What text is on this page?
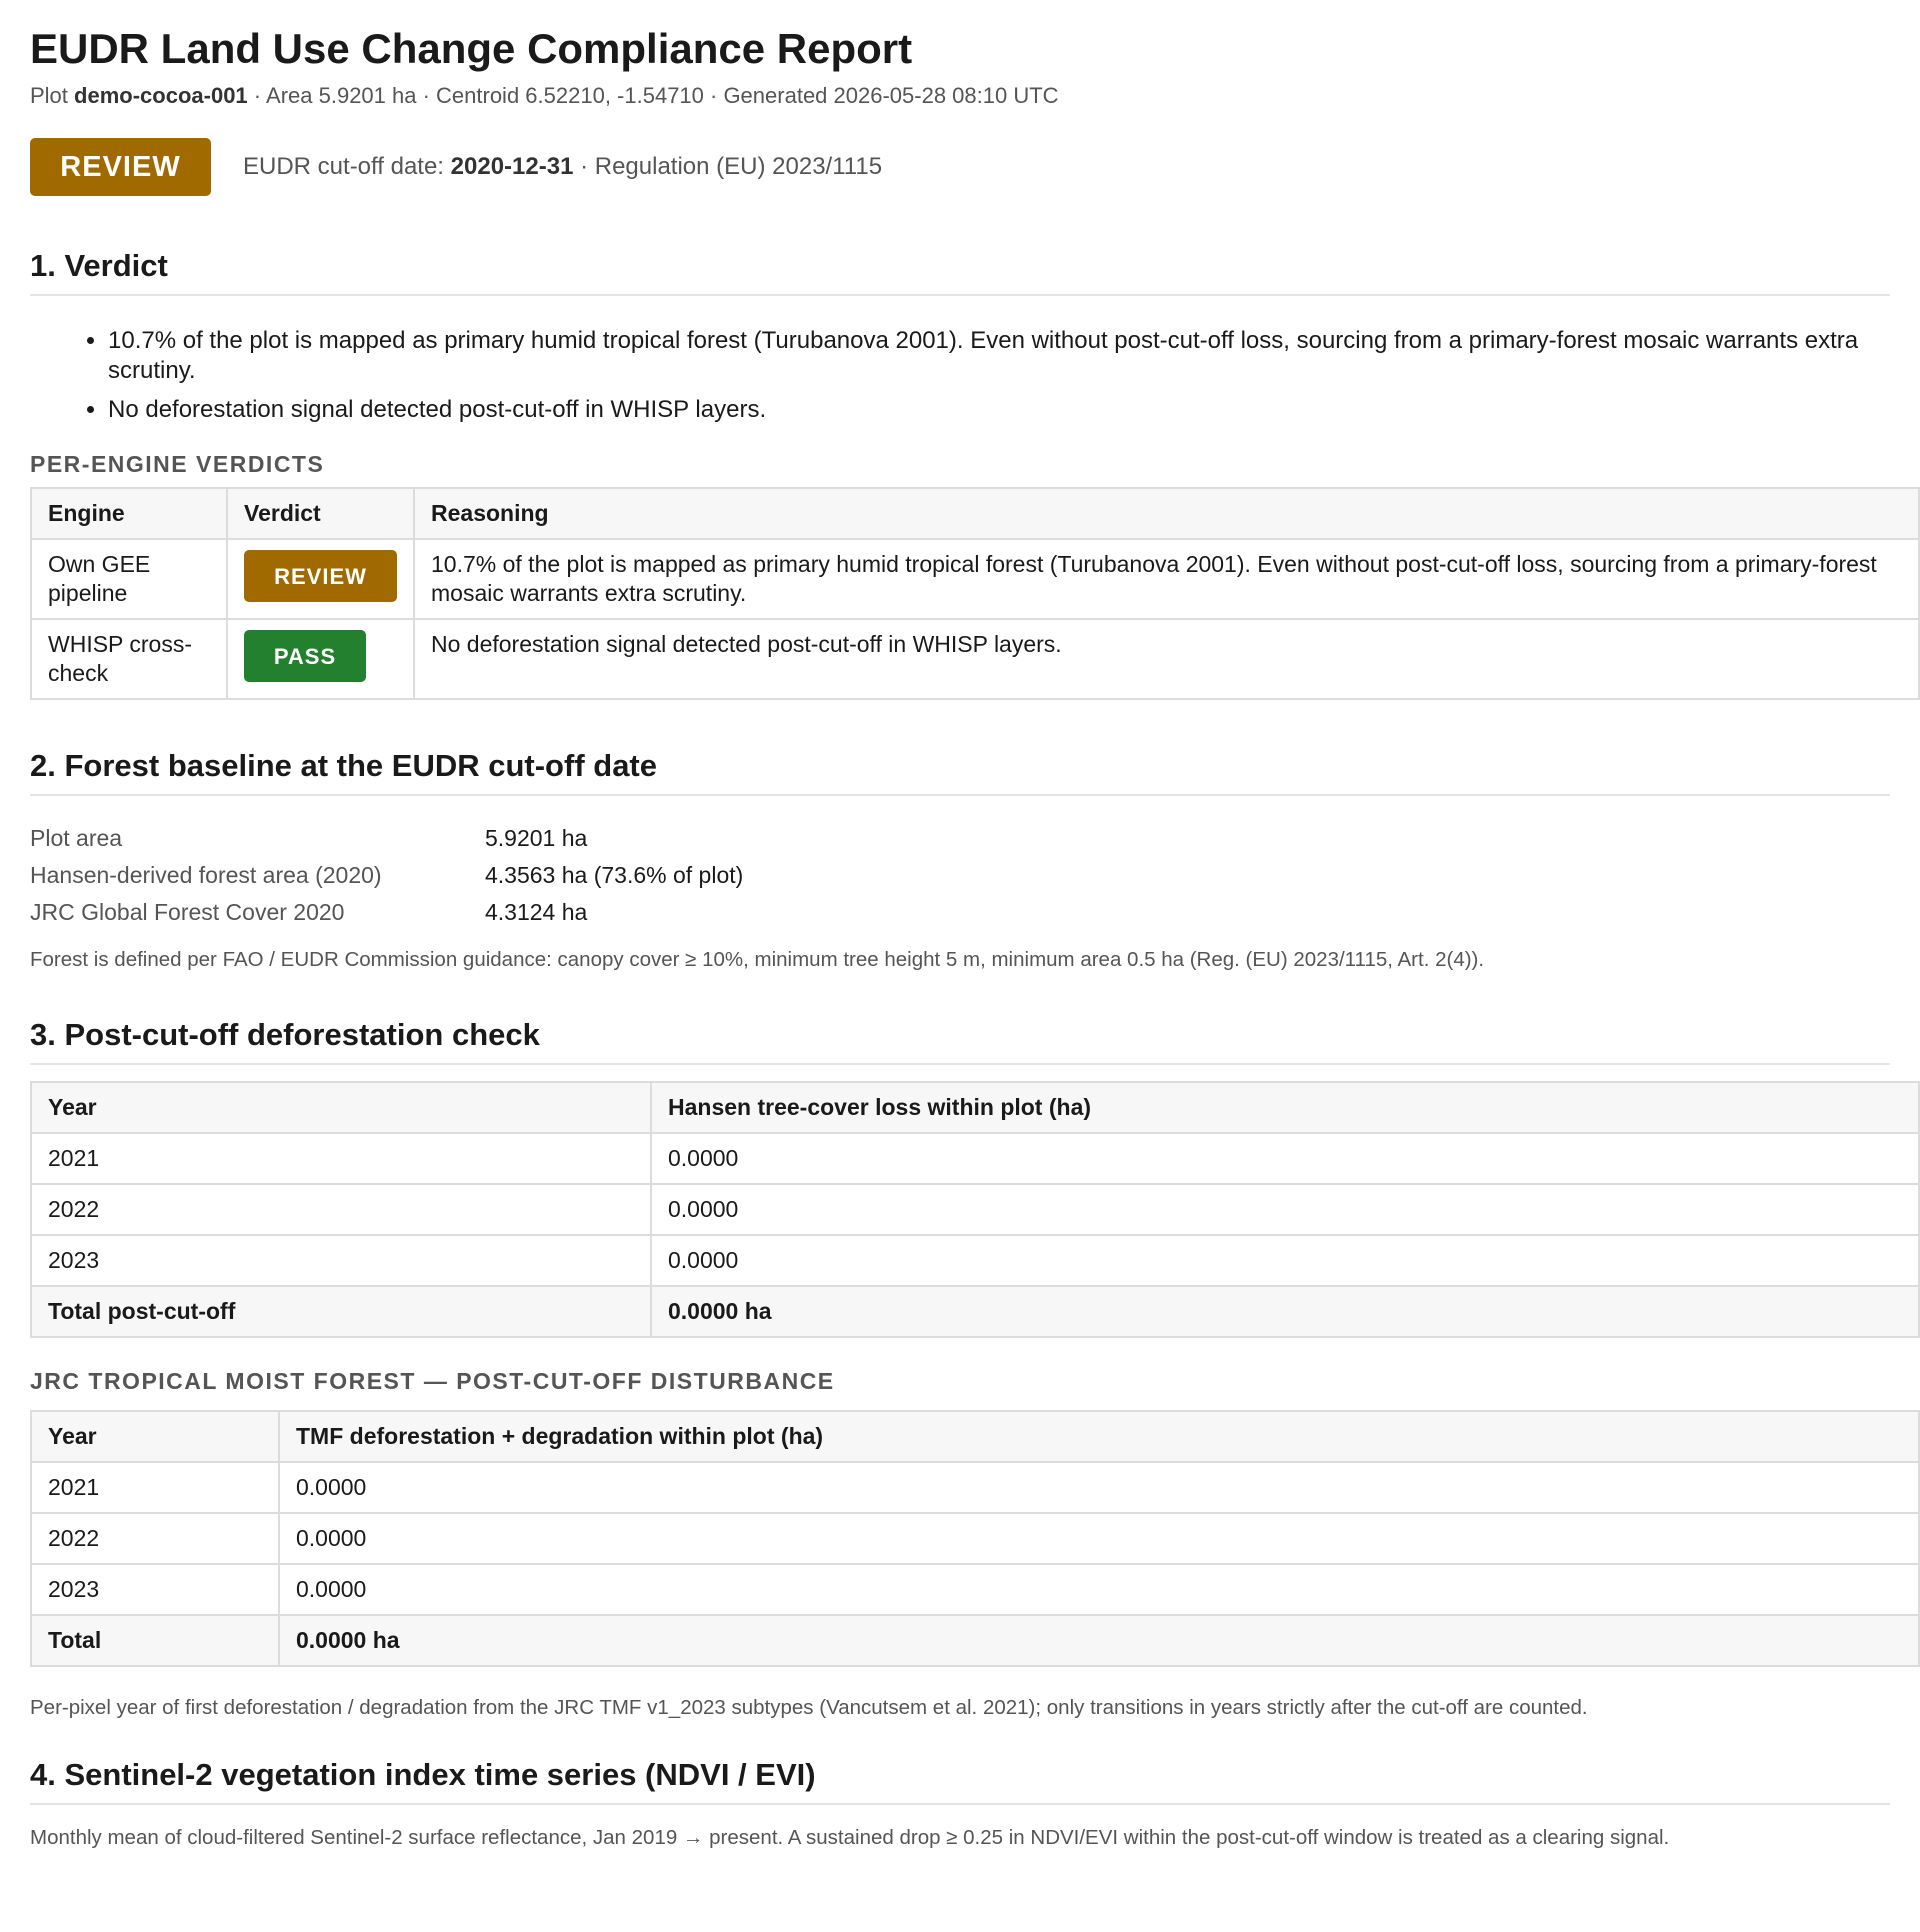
EUDR Land Use Change Compliance Report
Plot demo-cocoa-001 · Area 5.9201 ha · Centroid 6.52210, -1.54710 · Generated 2026-05-28 08:10 UTC
REVIEW	EUDR cut-off date: 2020-12-31 · Regulation (EU) 2023/1115
1. Verdict
• 10.7% of the plot is mapped as primary humid tropical forest (Turubanova 2001). Even without post-cut-off loss, sourcing from a primary-forest mosaic warrants extra scrutiny.
• No deforestation signal detected post-cut-off in WHISP layers.
PER-ENGINE VERDICTS
Engine	Verdict	Reasoning
Own GEE pipeline	REVIEW	10.7% of the plot is mapped as primary humid tropical forest (Turubanova 2001). Even without post-cut-off loss, sourcing from a primary-forest mosaic warrants extra scrutiny.
WHISP cross-check	PASS	No deforestation signal detected post-cut-off in WHISP layers.
2. Forest baseline at the EUDR cut-off date
Plot area	5.9201 ha
Hansen-derived forest area (2020)	4.3563 ha (73.6% of plot)
JRC Global Forest Cover 2020	4.3124 ha
Forest is defined per FAO / EUDR Commission guidance: canopy cover ≥ 10%, minimum tree height 5 m, minimum area 0.5 ha (Reg. (EU) 2023/1115, Art. 2(4)).
3. Post-cut-off deforestation check
Year	Hansen tree-cover loss within plot (ha)
2021	0.0000
2022	0.0000
2023	0.0000
Total post-cut-off	0.0000 ha
JRC TROPICAL MOIST FOREST — POST-CUT-OFF DISTURBANCE
Year	TMF deforestation + degradation within plot (ha)
2021	0.0000
2022	0.0000
2023	0.0000
Total	0.0000 ha
Per-pixel year of first deforestation / degradation from the JRC TMF v1_2023 subtypes (Vancutsem et al. 2021); only transitions in years strictly after the cut-off are counted.
4. Sentinel-2 vegetation index time series (NDVI / EVI)
Monthly mean of cloud-filtered Sentinel-2 surface reflectance, Jan 2019 → present. A sustained drop ≥ 0.25 in NDVI/EVI within the post-cut-off window is treated as a clearing signal.
